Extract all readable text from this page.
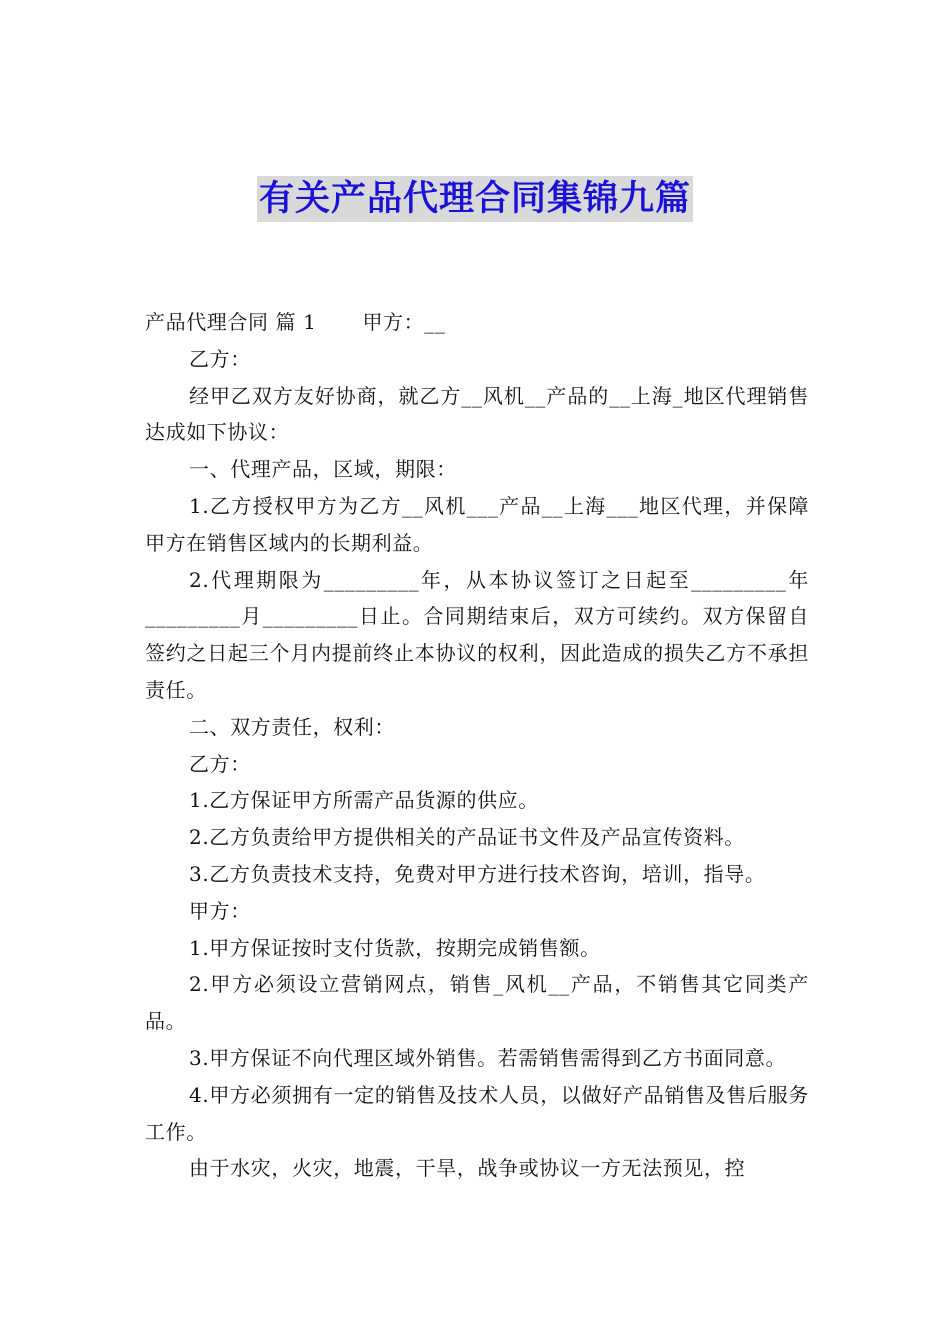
有关产品代理合同集锦九篇

产品代理合同 篇 1 甲方：__

乙方：

经甲乙双方友好协商，就乙方__风机__产品的__上海_地区代理销售达成如下协议：

一、代理产品，区域，期限：

1.乙方授权甲方为乙方__风机___产品__上海___地区代理，并保障甲方在销售区域内的长期利益。

2.代理期限为_________年，从本协议签订之日起至_________年_________月_________日止。合同期结束后，双方可续约。双方保留自签约之日起三个月内提前终止本协议的权利，因此造成的损失乙方不承担责任。

二、双方责任，权利：

乙方：

1.乙方保证甲方所需产品货源的供应。

2.乙方负责给甲方提供相关的产品证书文件及产品宣传资料。

3.乙方负责技术支持，免费对甲方进行技术咨询，培训，指导。

甲方：

1.甲方保证按时支付货款，按期完成销售额。

2.甲方必须设立营销网点，销售_风机__产品，不销售其它同类产品。

3.甲方保证不向代理区域外销售。若需销售需得到乙方书面同意。

4.甲方必须拥有一定的销售及技术人员，以做好产品销售及售后服务工作。

由于水灾，火灾，地震，干旱，战争或协议一方无法预见，控
